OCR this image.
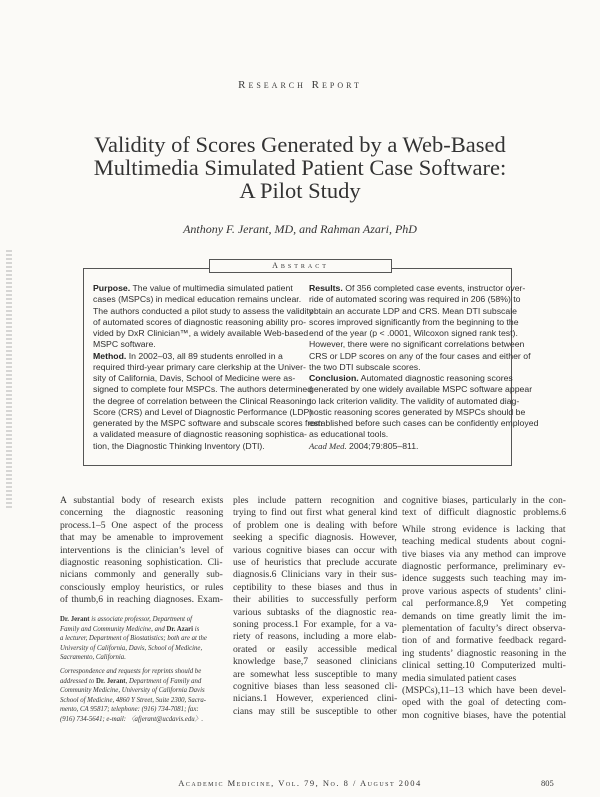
Research Report
Validity of Scores Generated by a Web-Based
Multimedia Simulated Patient Case Software:
A Pilot Study
Anthony F. Jerant, MD, and Rahman Azari, PhD
Abstract
Purpose. The value of multimedia simulated patient
cases (MSPCs) in medical education remains unclear.
The authors conducted a pilot study to assess the validity
of automated scores of diagnostic reasoning ability pro-
vided by DxR Clinician™, a widely available Web-based
MSPC software.
Method. In 2002–03, all 89 students enrolled in a
required third-year primary care clerkship at the Univer-
sity of California, Davis, School of Medicine were as-
signed to complete four MSPCs. The authors determined
the degree of correlation between the Clinical Reasoning
Score (CRS) and Level of Diagnostic Performance (LDP)
generated by the MSPC software and subscale scores from
a validated measure of diagnostic reasoning sophistica-
tion, the Diagnostic Thinking Inventory (DTI).
Results. Of 356 completed case events, instructor over-
ride of automated scoring was required in 206 (58%) to
obtain an accurate LDP and CRS. Mean DTI subscale
scores improved significantly from the beginning to the
end of the year (p < .0001, Wilcoxon signed rank test).
However, there were no significant correlations between
CRS or LDP scores on any of the four cases and either of
the two DTI subscale scores.
Conclusion. Automated diagnostic reasoning scores
generated by one widely available MSPC software appear
to lack criterion validity. The validity of automated diag-
nostic reasoning scores generated by MSPCs should be
established before such cases can be confidently employed
as educational tools.
Acad Med. 2004;79:805–811.
A substantial body of research exists
concerning the diagnostic reasoning
process.1–5 One aspect of the process
that may be amenable to improvement
interventions is the clinician’s level of
diagnostic reasoning sophistication. Cli-
nicians commonly and generally sub-
consciously employ heuristics, or rules
of thumb,6 in reaching diagnoses. Exam-
ples include pattern recognition and
trying to find out first what general kind
of problem one is dealing with before
seeking a specific diagnosis. However,
various cognitive biases can occur with
use of heuristics that preclude accurate
diagnosis.6 Clinicians vary in their sus-
ceptibility to these biases and thus in
their abilities to successfully perform
various subtasks of the diagnostic rea-
soning process.1 For example, for a va-
riety of reasons, including a more elab-
orated or easily accessible medical
knowledge base,7 seasoned clinicians
are somewhat less susceptible to many
cognitive biases than less seasoned cli-
nicians.1 However, experienced clini-
cians may still be susceptible to other
cognitive biases, particularly in the con-
text of difficult diagnostic problems.6
While strong evidence is lacking that
teaching medical students about cogni-
tive biases via any method can improve
diagnostic performance, preliminary ev-
idence suggests such teaching may im-
prove various aspects of students’ clini-
cal performance.8,9 Yet competing
demands on time greatly limit the im-
plementation of faculty’s direct observa-
tion of and formative feedback regard-
ing students’ diagnostic reasoning in the
clinical setting.10 Computerized multi-
media simulated patient cases
(MSPCs),11–13 which have been devel-
oped with the goal of detecting com-
mon cognitive biases, have the potential
Dr. Jerant is associate professor, Department of
Family and Community Medicine, and Dr. Azari is
a lecturer, Department of Biostatistics; both are at the
University of California, Davis, School of Medicine,
Sacramento, California.
Correspondence and requests for reprints should be
addressed to Dr. Jerant, Department of Family and
Community Medicine, University of California Davis
School of Medicine, 4860 Y Street, Suite 2300, Sacra-
mento, CA 95817; telephone: (916) 734-7081; fax:
(916) 734-5641; e-mail: 〈afjerant@ucdavis.edu〉.
Academic Medicine, Vol. 79, No. 8 / August 2004	805
